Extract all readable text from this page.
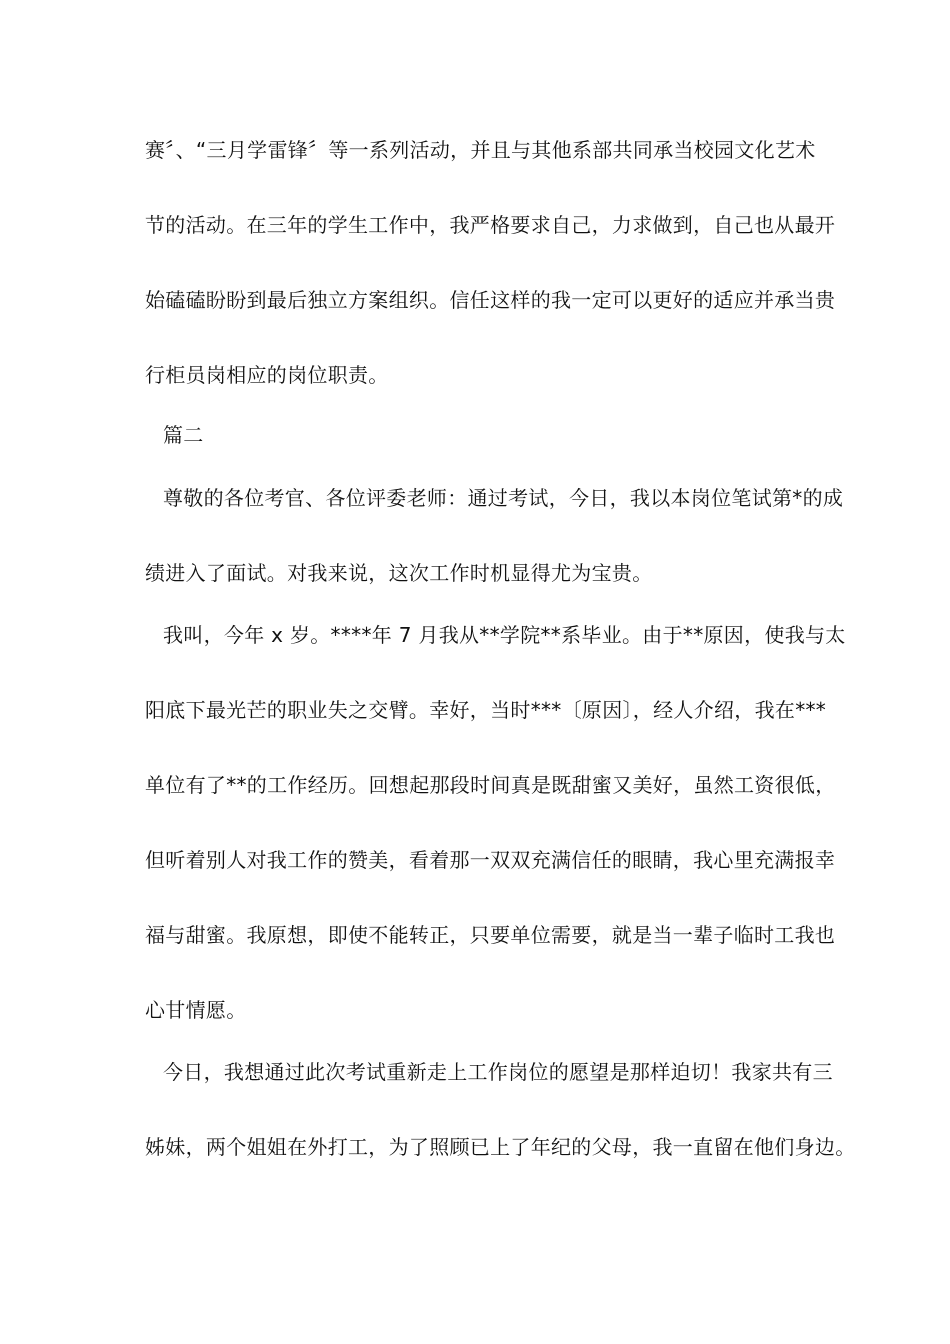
赛〞、“三月学雷锋〞等一系列活动，并且与其他系部共同承当校园文化艺术
节的活动。在三年的学生工作中，我严格要求自己，力求做到，自己也从最开
始磕磕盼盼到最后独立方案组织。信任这样的我一定可以更好的适应并承当贵
行柜员岗相应的岗位职责。
篇二
尊敬的各位考官、各位评委老师：通过考试，今日，我以本岗位笔试第*的成
绩进入了面试。对我来说，这次工作时机显得尤为宝贵。
我叫，今年 x 岁。****年 7 月我从**学院**系毕业。由于**原因，使我与太
阳底下最光芒的职业失之交臂。幸好，当时***〔原因〕，经人介绍，我在***
单位有了**的工作经历。回想起那段时间真是既甜蜜又美好，虽然工资很低，
但听着别人对我工作的赞美，看着那一双双充满信任的眼睛，我心里充满报幸
福与甜蜜。我原想，即使不能转正，只要单位需要，就是当一辈子临时工我也
心甘情愿。
今日，我想通过此次考试重新走上工作岗位的愿望是那样迫切！我家共有三
姊妹，两个姐姐在外打工，为了照顾已上了年纪的父母，我一直留在他们身边。
